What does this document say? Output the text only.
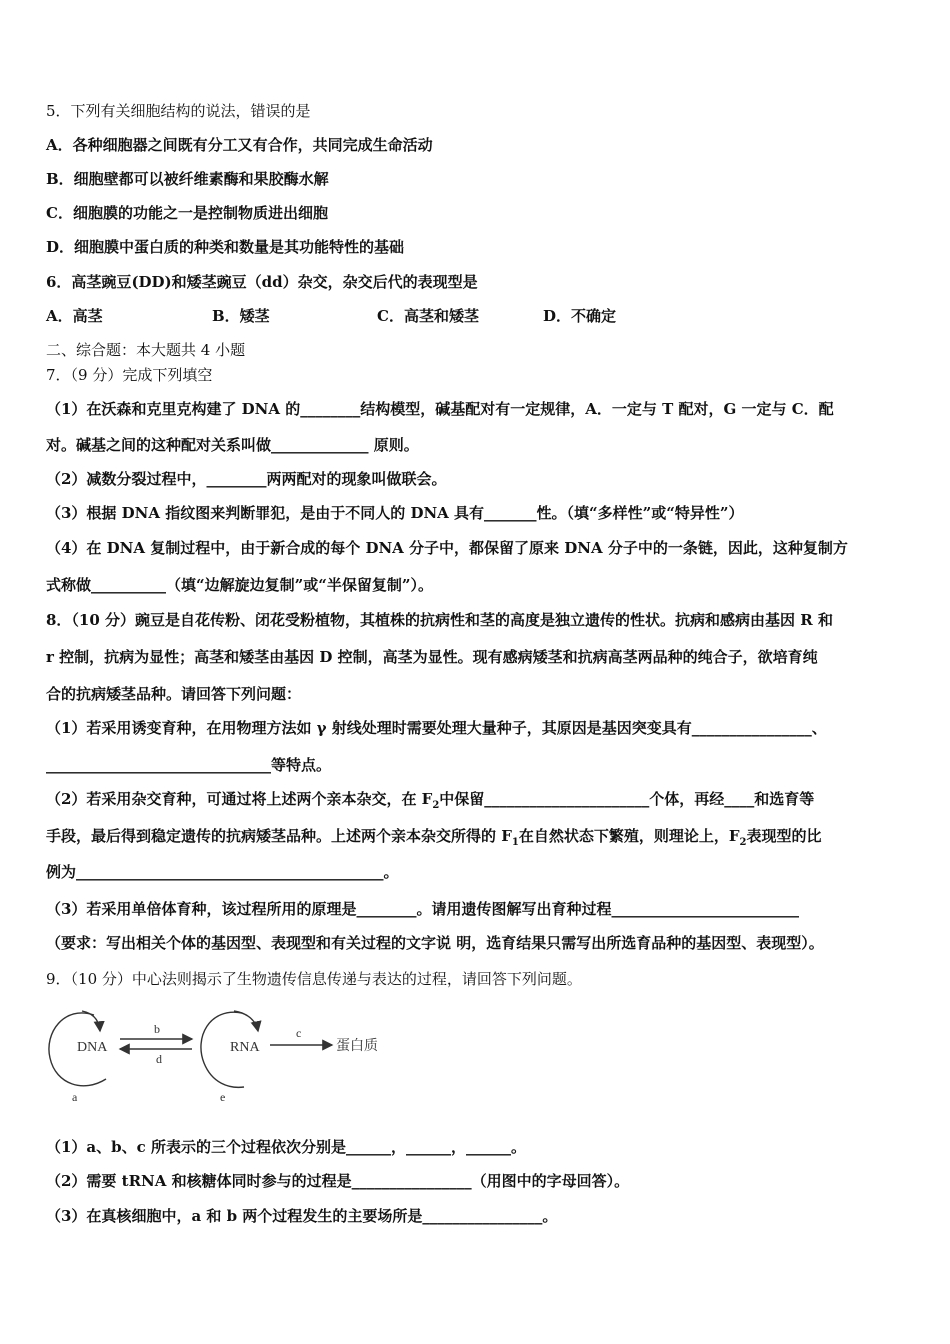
5．下列有关细胞结构的说法，错误的是
A．各种细胞器之间既有分工又有合作，共同完成生命活动
B．细胞壁都可以被纤维素酶和果胶酶水解
C．细胞膜的功能之一是控制物质进出细胞
D．细胞膜中蛋白质的种类和数量是其功能特性的基础
6．高茎豌豆(DD)和矮茎豌豆（dd）杂交，杂交后代的表现型是
A．高茎	B．矮茎	C．高茎和矮茎	D．不确定
二、综合题：本大题共 4 小题
7．（9 分）完成下列填空
（1）在沃森和克里克构建了 DNA 的________结构模型，碱基配对有一定规律，A．一定与 T 配对，G 一定与 C．配
对。碱基之间的这种配对关系叫做_____________ 原则。
（2）减数分裂过程中，________两两配对的现象叫做联会。
（3）根据 DNA 指纹图来判断罪犯，是由于不同人的 DNA 具有_______性。（填“多样性”或“特异性”）
（4）在 DNA 复制过程中，由于新合成的每个 DNA 分子中，都保留了原来 DNA 分子中的一条链，因此，这种复制方
式称做__________（填“边解旋边复制”或“半保留复制”）。
8．（10 分）豌豆是自花传粉、闭花受粉植物，其植株的抗病性和茎的高度是独立遗传的性状。抗病和感病由基因 R 和
r 控制，抗病为显性；高茎和矮茎由基因 D 控制，高茎为显性。现有感病矮茎和抗病高茎两品种的纯合子，欲培育纯
合的抗病矮茎品种。请回答下列问题：
（1）若采用诱变育种，在用物理方法如 γ 射线处理时需要处理大量种子，其原因是基因突变具有________________、
______________________________等特点。
（2）若采用杂交育种，可通过将上述两个亲本杂交，在 $F_2$中保留______________________个体，再经____和选育等
手段，最后得到稳定遗传的抗病矮茎品种。上述两个亲本杂交所得的 $F_1$在自然状态下繁殖，则理论上，$F_2$表现型的比
例为_________________________________________。
（3）若采用单倍体育种，该过程所用的原理是________。请用遗传图解写出育种过程_________________________
（要求：写出相关个体的基因型、表现型和有关过程的文字说 明，选育结果只需写出所选育品种的基因型、表现型）。
9．（10 分）中心法则揭示了生物遗传信息传递与表达的过程，请回答下列问题。
DNA
a
b
d
RNA
e
c
蛋白质
（1）a、b、c 所表示的三个过程依次分别是______，______，______。
（2）需要 tRNA 和核糖体同时参与的过程是________________（用图中的字母回答）。
（3）在真核细胞中，a 和 b 两个过程发生的主要场所是________________。
